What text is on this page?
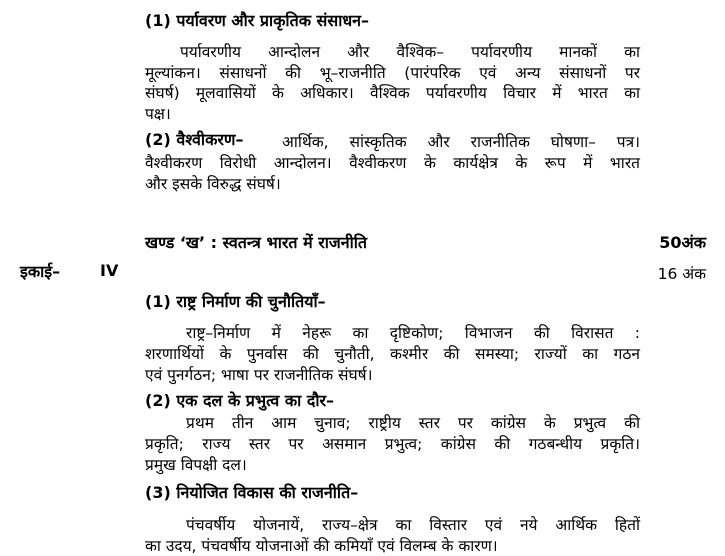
(1) पर्यावरण और प्राकृतिक संसाधन–
पर्यावरणीय आन्दोलन और वैश्विक– पर्यावरणीय मानकों का
मूल्यांकन। संसाधनों की भू–राजनीति (पारंपरिक एवं अन्य संसाधनों पर
संघर्ष) मूलवासियों के अधिकार। वैश्विक पर्यावरणीय विचार में भारत का
पक्ष।
(2) वैश्वीकरण– आर्थिक, सांस्कृतिक और राजनीतिक घोषणा– पत्र।
वैश्वीकरण विरोधी आन्दोलन। वैश्वीकरण के कार्यक्षेत्र के रूप में भारत
और इसके विरुद्ध संघर्ष।
खण्ड ‘ख’ : स्वतन्त्र भारत में राजनीति	50अंक
इकाई– IV	16 अंक
(1) राष्ट्र निर्माण की चुनौतियाँ–
राष्ट्र–निर्माण में नेहरू का दृष्टिकोण; विभाजन की विरासत :
शरणार्थियों के पुनर्वास की चुनौती, कश्मीर की समस्या; राज्यों का गठन
एवं पुनर्गठन; भाषा पर राजनीतिक संघर्ष।
(2) एक दल के प्रभुत्व का दौर–
प्रथम तीन आम चुनाव; राष्ट्रीय स्तर पर कांग्रेस के प्रभुत्व की
प्रकृति; राज्य स्तर पर असमान प्रभुत्व; कांग्रेस की गठबन्धीय प्रकृति।
प्रमुख विपक्षी दल।
(3) नियोजित विकास की राजनीति–
पंचवर्षीय योजनायें, राज्य–क्षेत्र का विस्तार एवं नये आर्थिक हितों
का उदय, पंचवर्षीय योजनाओं की कमियाँ एवं विलम्ब के कारण।
